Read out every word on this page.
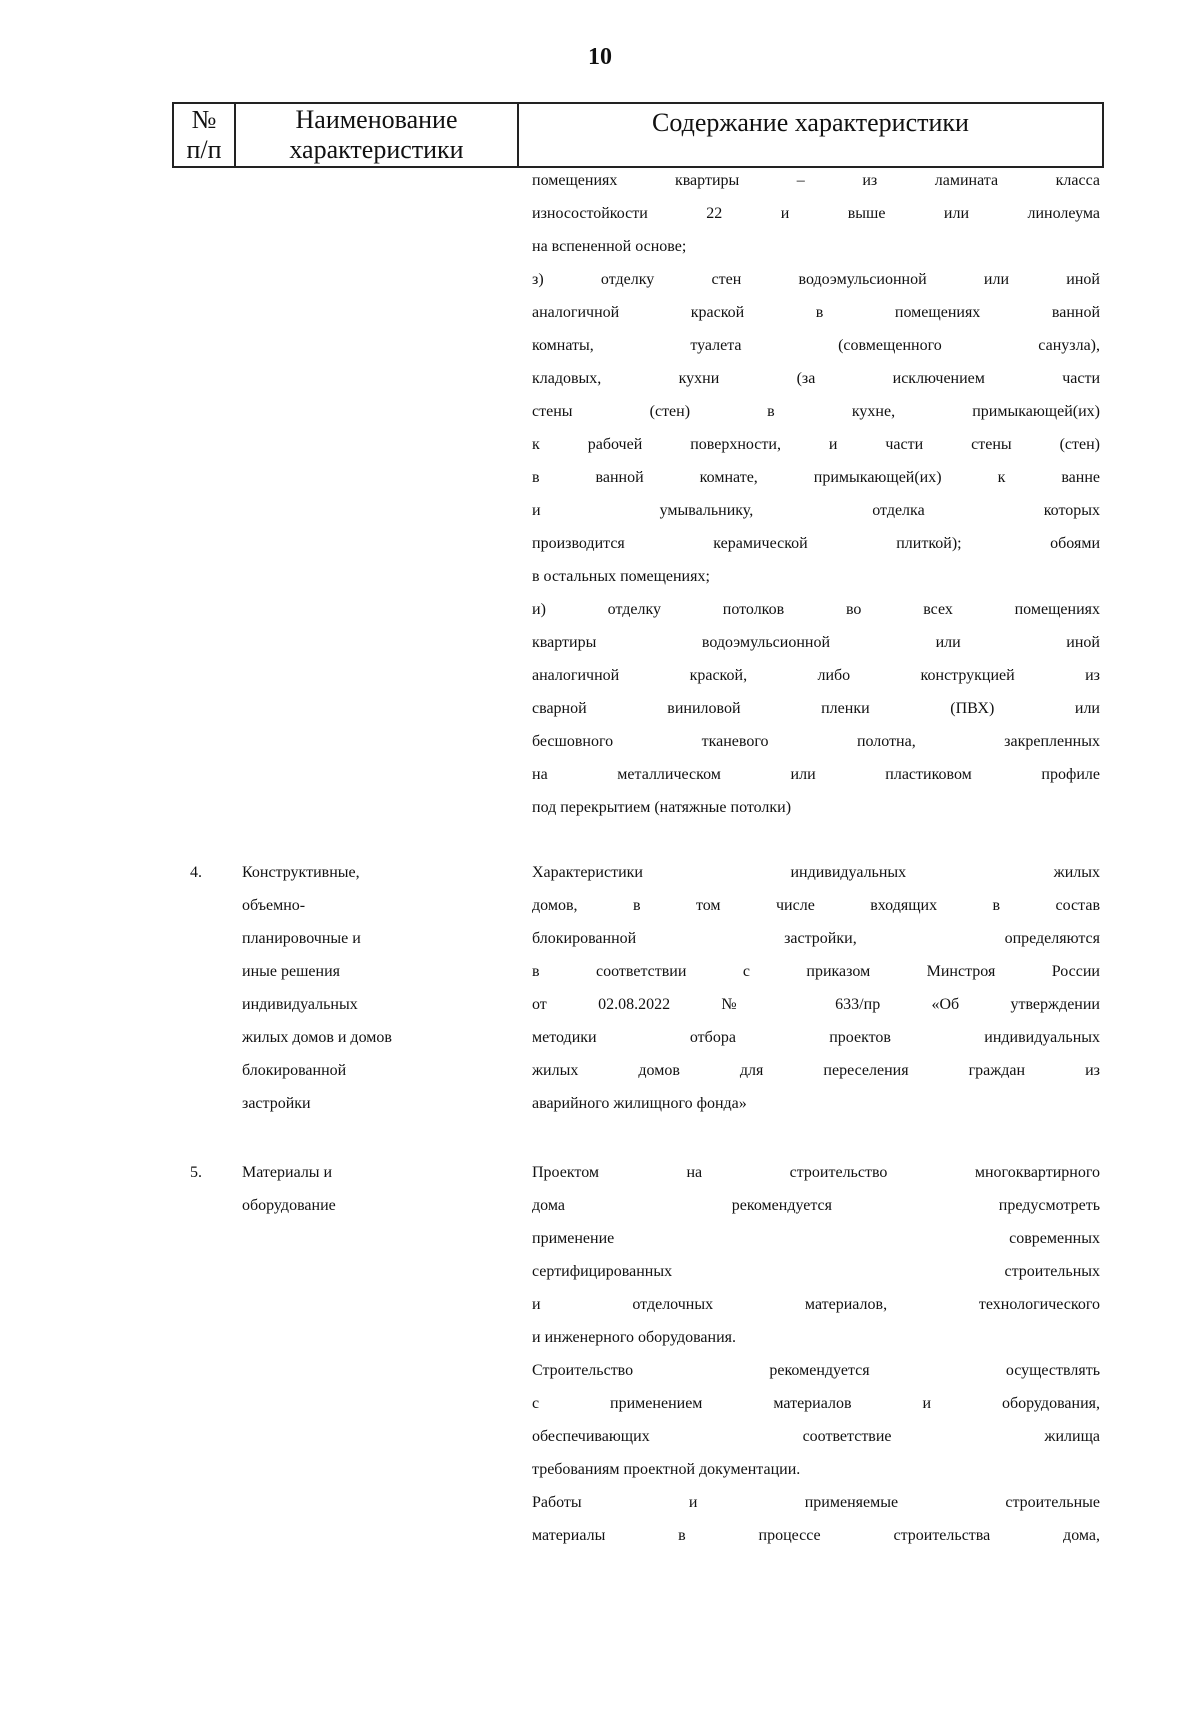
10
№
п/п
Наименование
характеристики
Содержание характеристики
помещениях квартиры – из ламината класса
износостойкости 22 и выше или линолеума
на вспененной основе;
з) отделку стен водоэмульсионной или иной
аналогичной краской в помещениях ванной
комнаты, туалета (совмещенного санузла),
кладовых, кухни (за исключением части
стены (стен) в кухне, примыкающей(их)
к рабочей поверхности, и части стены (стен)
в ванной комнате, примыкающей(их) к ванне
и умывальнику, отделка которых
производится керамической плиткой); обоями
в остальных помещениях;
и) отделку потолков во всех помещениях
квартиры водоэмульсионной или иной
аналогичной краской, либо конструкцией из
сварной виниловой пленки (ПВХ) или
бесшовного тканевого полотна, закрепленных
на металлическом или пластиковом профиле
под перекрытием (натяжные потолки)
4.	Конструктивные,
объемно-
планировочные и
иные решения
индивидуальных
жилых домов и домов
блокированной
застройки
Характеристики индивидуальных жилых
домов, в том числе входящих в состав
блокированной застройки, определяются
в соответствии с приказом Минстроя России
от 02.08.2022 № 633/пр «Об утверждении
методики отбора проектов индивидуальных
жилых домов для переселения граждан из
аварийного жилищного фонда»
5.	Материалы и
оборудование
Проектом на строительство многоквартирного
дома рекомендуется предусмотреть
применение современных
сертифицированных строительных
и отделочных материалов, технологического
и инженерного оборудования.
Строительство рекомендуется осуществлять
с применением материалов и оборудования,
обеспечивающих соответствие жилища
требованиям проектной документации.
Работы и применяемые строительные
материалы в процессе строительства дома,
